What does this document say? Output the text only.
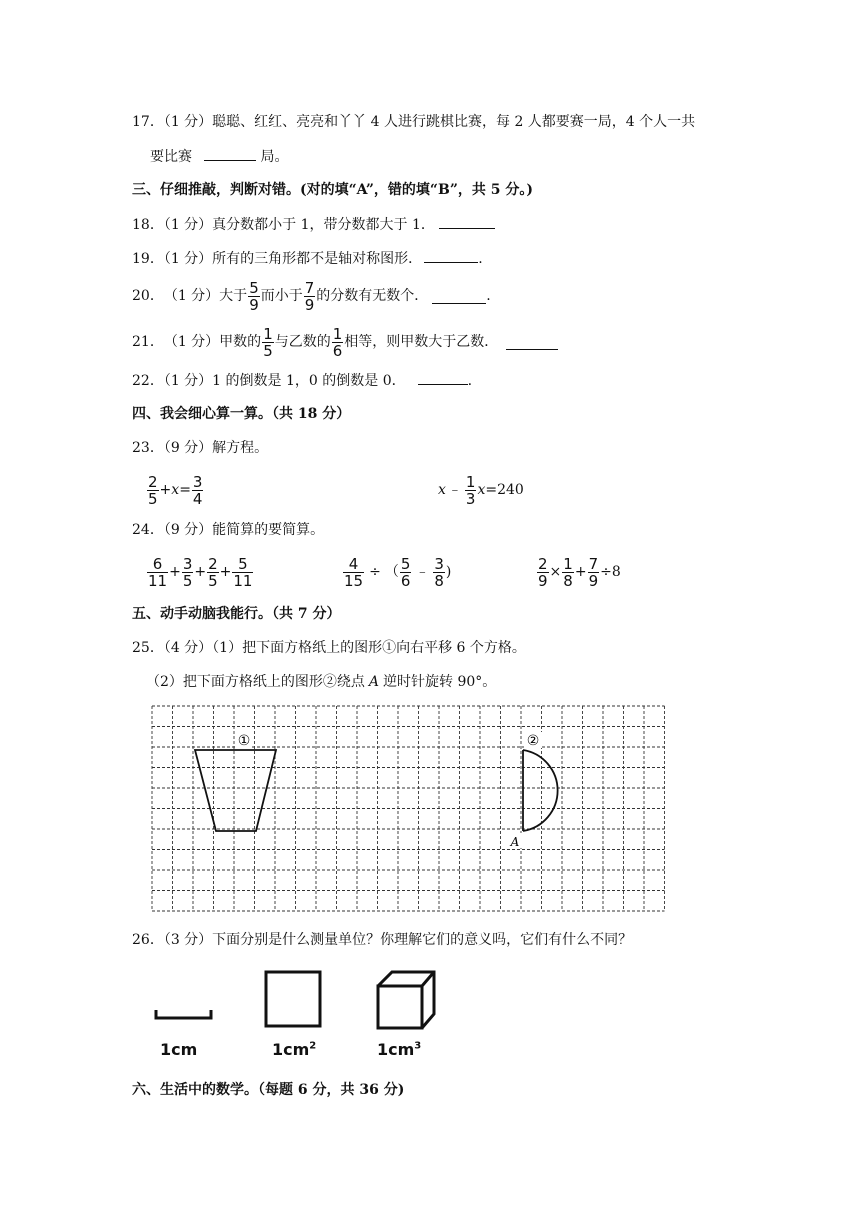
17．（1 分）聪聪、红红、亮亮和丫丫 4 人进行跳棋比赛，每 2 人都要赛一局，4 个人一共
要比赛	局。
三、仔细推敲，判断对错。(对的填“A”，错的填“B”，共 5 分。)
18．（1 分）真分数都小于 1，带分数都大于 1．
19．（1 分）所有的三角形都不是轴对称图形．	.
20． （1 分）大于 $\frac{5}{9}$ 而小于 $\frac{7}{9}$ 的分数有无数个．	.
21． （1 分）甲数的 $\frac{1}{5}$ 与乙数的 $\frac{1}{6}$ 相等，则甲数大于乙数．
22．（1 分）1 的倒数是 1，0 的倒数是 0．	.
四、我会细心算一算。（共 18 分）
23．（9 分）解方程。
$\frac{2}{5} + x = \frac{3}{4}$	x ﹣ $\frac{1}{3}$ x =240
24．（9 分）能简算的要简算。
$\frac{6}{11} + \frac{3}{5} + \frac{2}{5} + \frac{5}{11}$	$\frac{4}{15}$ ÷ （ $\frac{5}{6}$ ﹣ $\frac{3}{8}$ )	$\frac{2}{9} \times \frac{1}{8} + \frac{7}{9} \div 8$
五、动手动脑我能行。（共 7 分）
25．（4 分）（1）把下面方格纸上的图形①向右平移 6 个方格。
（2）把下面方格纸上的图形②绕点 A 逆时针旋转 90°。
①	②
A
26．（3 分）下面分别是什么测量单位？你理解它们的意义吗，它们有什么不同？
1cm	$1cm^2$	$1cm^3$
六、生活中的数学。（每题 6 分，共 36 分)
